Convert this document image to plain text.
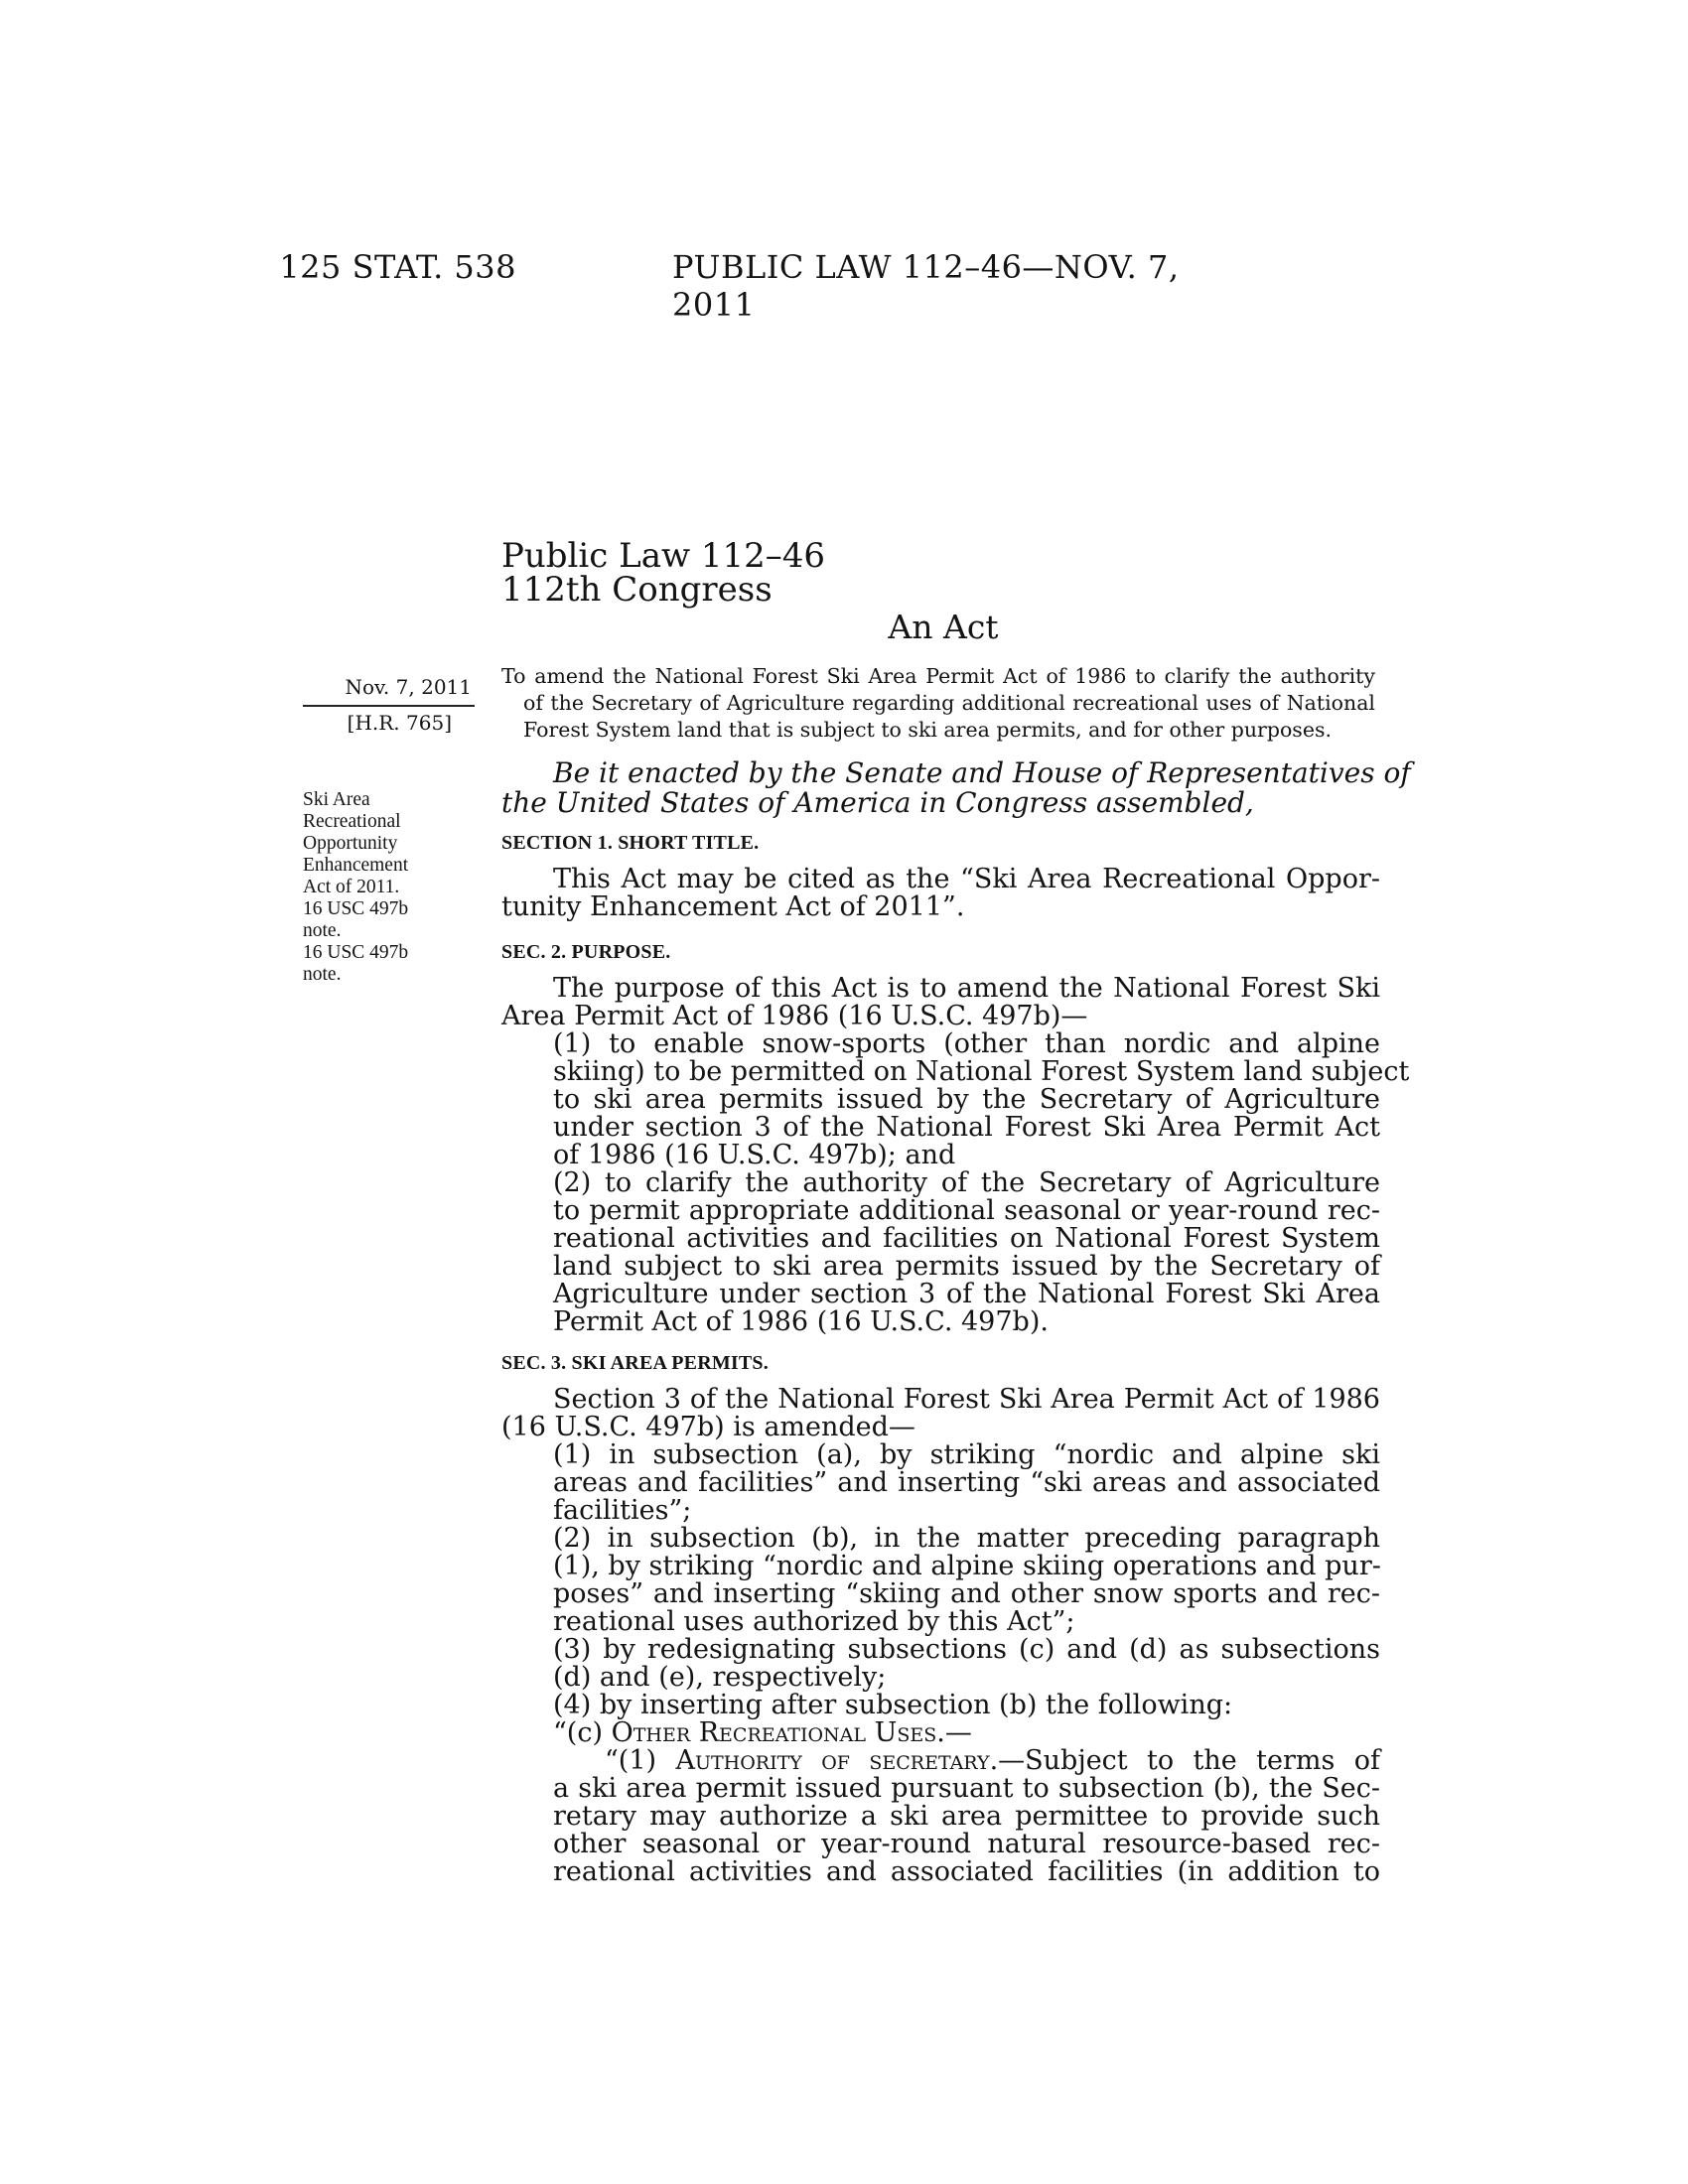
125 STAT. 538	PUBLIC LAW 112–46—NOV. 7, 2011
Public Law 112–46
112th Congress
An Act
To amend the National Forest Ski Area Permit Act of 1986 to clarify the authority
of the Secretary of Agriculture regarding additional recreational uses of National
Forest System land that is subject to ski area permits, and for other purposes.
Nov. 7, 2011
[H.R. 765]
Ski Area
Recreational
Opportunity
Enhancement
Act of 2011.
16 USC 497b
note.
16 USC 497b
note.
Be it enacted by the Senate and House of Representatives of
the United States of America in Congress assembled,
SECTION 1. SHORT TITLE.
This Act may be cited as the “Ski Area Recreational Oppor-
tunity Enhancement Act of 2011”.
SEC. 2. PURPOSE.
The purpose of this Act is to amend the National Forest Ski
Area Permit Act of 1986 (16 U.S.C. 497b)—
(1) to enable snow-sports (other than nordic and alpine
skiing) to be permitted on National Forest System land subject
to ski area permits issued by the Secretary of Agriculture
under section 3 of the National Forest Ski Area Permit Act
of 1986 (16 U.S.C. 497b); and
(2) to clarify the authority of the Secretary of Agriculture
to permit appropriate additional seasonal or year-round rec-
reational activities and facilities on National Forest System
land subject to ski area permits issued by the Secretary of
Agriculture under section 3 of the National Forest Ski Area
Permit Act of 1986 (16 U.S.C. 497b).
SEC. 3. SKI AREA PERMITS.
Section 3 of the National Forest Ski Area Permit Act of 1986
(16 U.S.C. 497b) is amended—
(1) in subsection (a), by striking “nordic and alpine ski
areas and facilities” and inserting “ski areas and associated
facilities”;
(2) in subsection (b), in the matter preceding paragraph
(1), by striking “nordic and alpine skiing operations and pur-
poses” and inserting “skiing and other snow sports and rec-
reational uses authorized by this Act”;
(3) by redesignating subsections (c) and (d) as subsections
(d) and (e), respectively;
(4) by inserting after subsection (b) the following:
“(c) Other Recreational Uses.—
“(1) Authority of secretary.—Subject to the terms of
a ski area permit issued pursuant to subsection (b), the Sec-
retary may authorize a ski area permittee to provide such
other seasonal or year-round natural resource-based rec-
reational activities and associated facilities (in addition to
